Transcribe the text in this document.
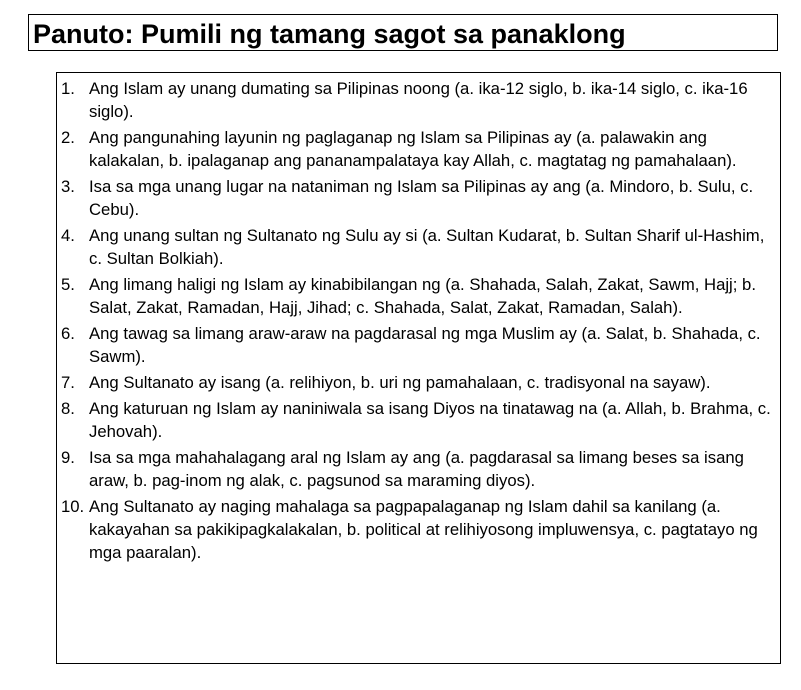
Panuto: Pumili ng tamang sagot sa panaklong
1. Ang Islam ay unang dumating sa Pilipinas noong (a. ika-12 siglo, b. ika-14 siglo, c. ika-16 siglo).
2. Ang pangunahing layunin ng paglaganap ng Islam sa Pilipinas ay (a. palawakin ang kalakalan, b. ipalaganap ang pananampalataya kay Allah, c. magtatag ng pamahalaan).
3. Isa sa mga unang lugar na nataniman ng Islam sa Pilipinas ay ang (a. Mindoro, b. Sulu, c. Cebu).
4. Ang unang sultan ng Sultanato ng Sulu ay si (a. Sultan Kudarat, b. Sultan Sharif ul-Hashim, c. Sultan Bolkiah).
5. Ang limang haligi ng Islam ay kinabibilangan ng (a. Shahada, Salah, Zakat, Sawm, Hajj; b. Salat, Zakat, Ramadan, Hajj, Jihad; c. Shahada, Salat, Zakat, Ramadan, Salah).
6. Ang tawag sa limang araw-araw na pagdarasal ng mga Muslim ay (a. Salat, b. Shahada, c. Sawm).
7. Ang Sultanato ay isang (a. relihiyon, b. uri ng pamahalaan, c. tradisyonal na sayaw).
8. Ang katuruan ng Islam ay naniniwala sa isang Diyos na tinatawag na (a. Allah, b. Brahma, c. Jehovah).
9. Isa sa mga mahahalagang aral ng Islam ay ang (a. pagdarasal sa limang beses sa isang araw, b. pag-inom ng alak, c. pagsunod sa maraming diyos).
10. Ang Sultanato ay naging mahalaga sa pagpapalaganap ng Islam dahil sa kanilang (a. kakayahan sa pakikipagkalakalan, b. political at relihiyosong impluwensya, c. pagtatayo ng mga paaralan).
